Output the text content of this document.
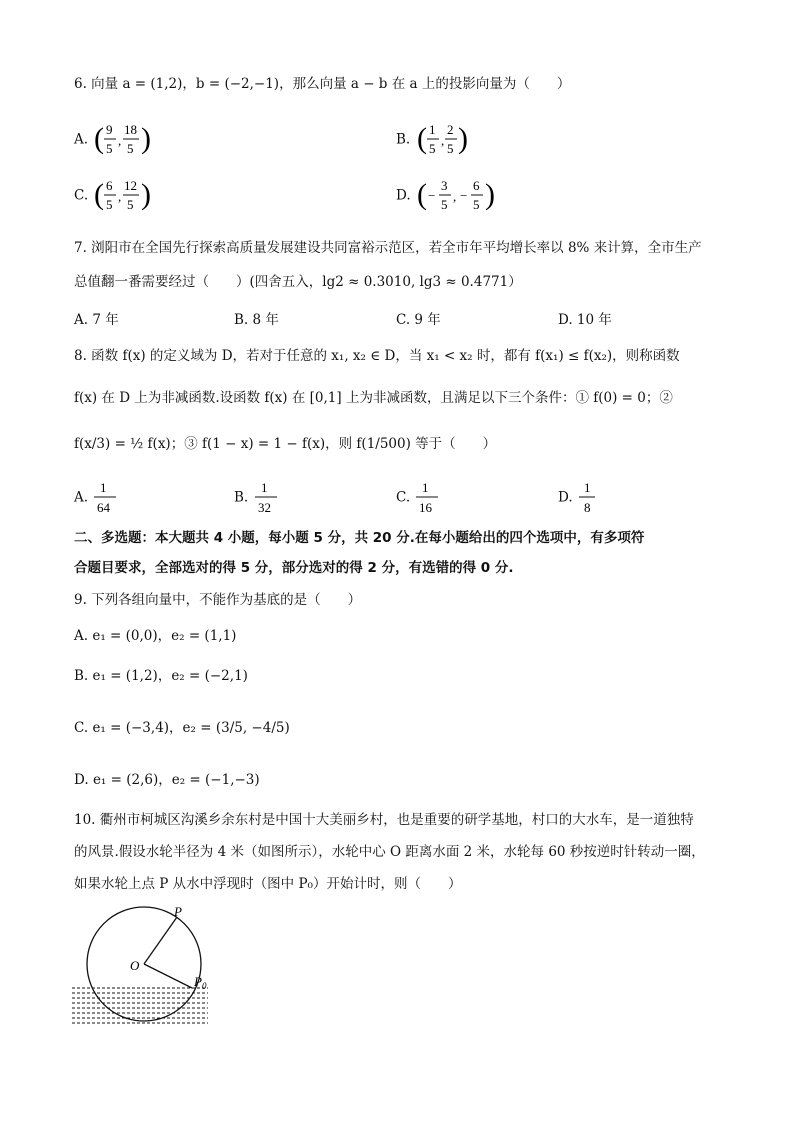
6. 向量 a = (1,2)，b = (−2,−1)，那么向量 a − b 在 a 上的投影向量为（　　）
A. ( 9
5
,
18
5 )	B. ( 1
5
,
2
5 )
C. ( 6
5
,
12
5 )	D. ( −
3
5
, −
6
5 )
7. 浏阳市在全国先行探索高质量发展建设共同富裕示范区，若全市年平均增长率以 8% 来计算，全市生产
总值翻一番需要经过（　　）(四舍五入，lg2 ≈ 0.3010, lg3 ≈ 0.4771）
A. 7 年	B. 8 年	C. 9 年	D. 10 年
8. 函数 f(x) 的定义域为 D，若对于任意的 x₁, x₂ ∈ D，当 x₁ < x₂ 时，都有 f(x₁) ≤ f(x₂)，则称函数
f(x) 在 D 上为非减函数.设函数 f(x) 在 [0,1] 上为非减函数，且满足以下三个条件：① f(0) = 0；②
f(x/3) = ½ f(x)；③ f(1 − x) = 1 − f(x)，则 f(1/500) 等于（　　）
A.
1
64
B.
1
32
C.
1
16
D.
1
8
二、多选题：本大题共 4 小题，每小题 5 分，共 20 分.在每小题给出的四个选项中，有多项符
合题目要求，全部选对的得 5 分，部分选对的得 2 分，有选错的得 0 分.
9. 下列各组向量中，不能作为基底的是（　　）
A. e₁ = (0,0)，e₂ = (1,1)
B. e₁ = (1,2)，e₂ = (−2,1)
C. e₁ = (−3,4)，e₂ = (3/5, −4/5)
D. e₁ = (2,6)，e₂ = (−1,−3)
10. 衢州市柯城区沟溪乡余东村是中国十大美丽乡村，也是重要的研学基地，村口的大水车，是一道独特
的风景.假设水轮半径为 4 米（如图所示），水轮中心 O 距离水面 2 米，水轮每 60 秒按逆时针转动一圈，
如果水轮上点 P 从水中浮现时（图中 P₀）开始计时，则（　　）
O
P
$P_0$
